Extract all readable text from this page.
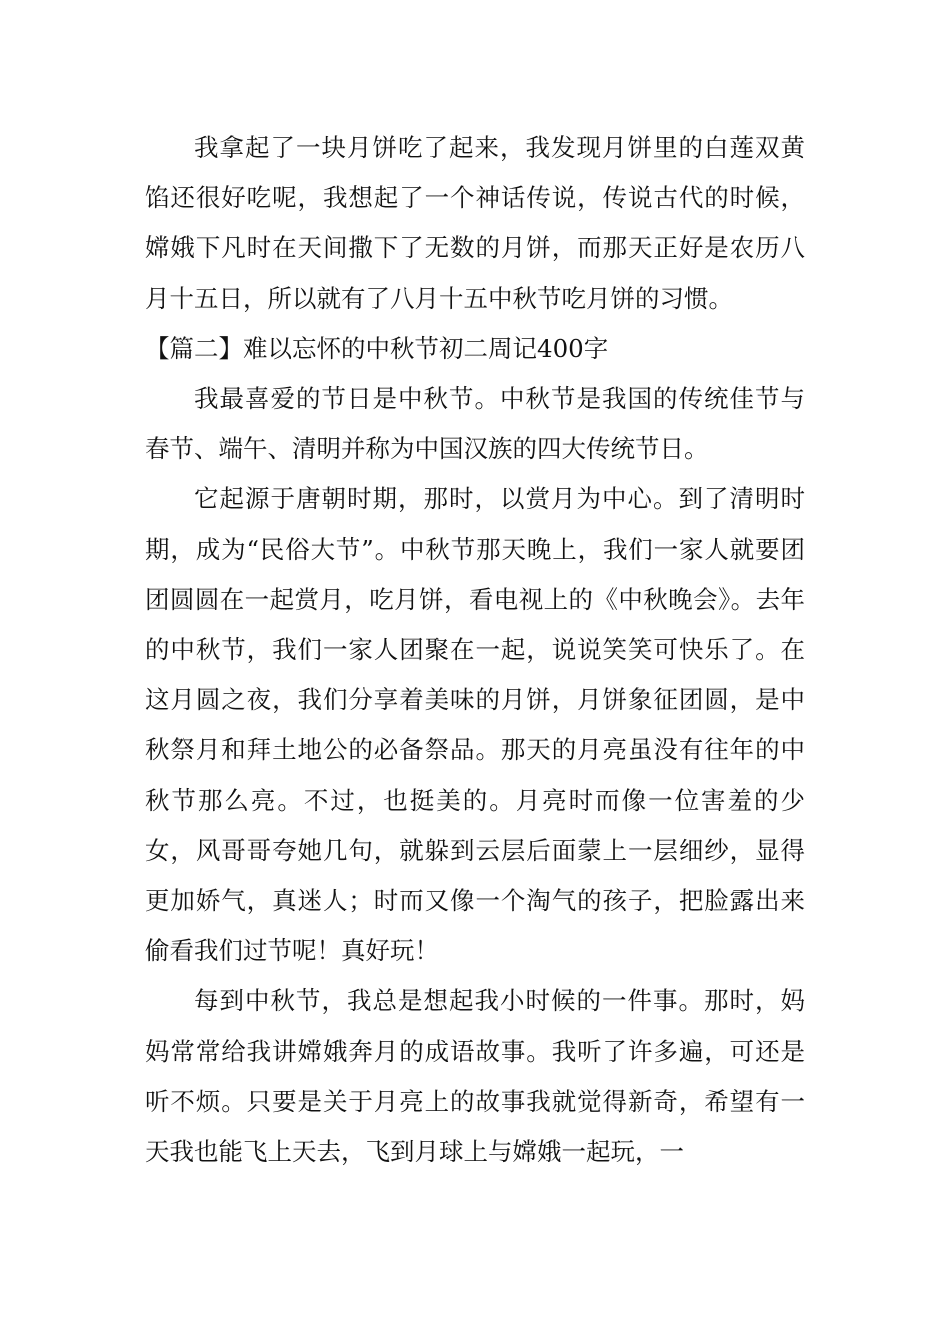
我拿起了一块月饼吃了起来，我发现月饼里的白莲双黄馅还很好吃呢，我想起了一个神话传说，传说古代的时候，嫦娥下凡时在天间撒下了无数的月饼，而那天正好是农历八月十五日，所以就有了八月十五中秋节吃月饼的习惯。

【篇二】难以忘怀的中秋节初二周记400字

我最喜爱的节日是中秋节。中秋节是我国的传统佳节与春节、端午、清明并称为中国汉族的四大传统节日。

它起源于唐朝时期，那时，以赏月为中心。到了清明时期，成为“民俗大节”。中秋节那天晚上，我们一家人就要团团圆圆在一起赏月，吃月饼，看电视上的《中秋晚会》。去年的中秋节，我们一家人团聚在一起，说说笑笑可快乐了。在这月圆之夜，我们分享着美味的月饼，月饼象征团圆，是中秋祭月和拜土地公的必备祭品。那天的月亮虽没有往年的中秋节那么亮。不过，也挺美的。月亮时而像一位害羞的少女，风哥哥夸她几句，就躲到云层后面蒙上一层细纱，显得更加娇气，真迷人；时而又像一个淘气的孩子，把脸露出来偷看我们过节呢！真好玩！

每到中秋节，我总是想起我小时候的一件事。那时，妈妈常常给我讲嫦娥奔月的成语故事。我听了许多遍，可还是听不烦。只要是关于月亮上的故事我就觉得新奇，希望有一天我也能飞上天去，飞到月球上与嫦娥一起玩，一
